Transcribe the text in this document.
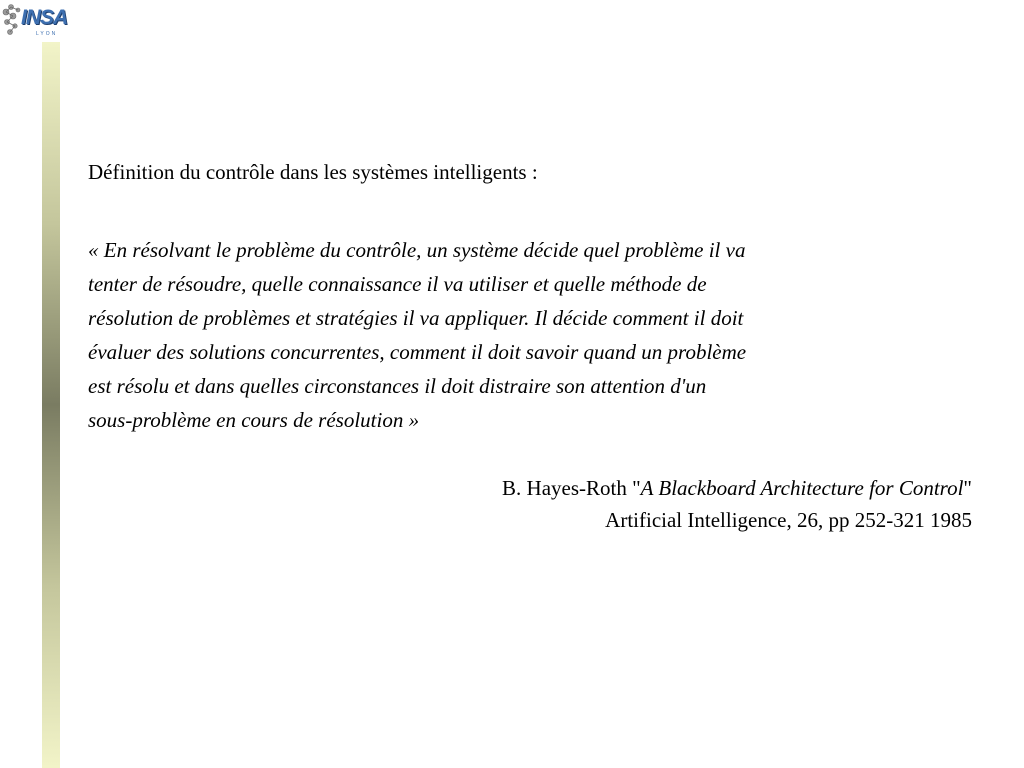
INSA
LYON
Définition du contrôle dans les systèmes intelligents :
« En résolvant le problème du contrôle, un système décide quel problème il va
tenter de résoudre, quelle connaissance il va utiliser et quelle méthode de
résolution de problèmes et stratégies il va appliquer. Il décide comment il doit
évaluer des solutions concurrentes, comment il doit savoir quand un problème
est résolu et dans quelles circonstances il doit distraire son attention d'un
sous-problème en cours de résolution »
B. Hayes-Roth "A Blackboard Architecture for Control"
Artificial Intelligence, 26, pp 252-321 1985
